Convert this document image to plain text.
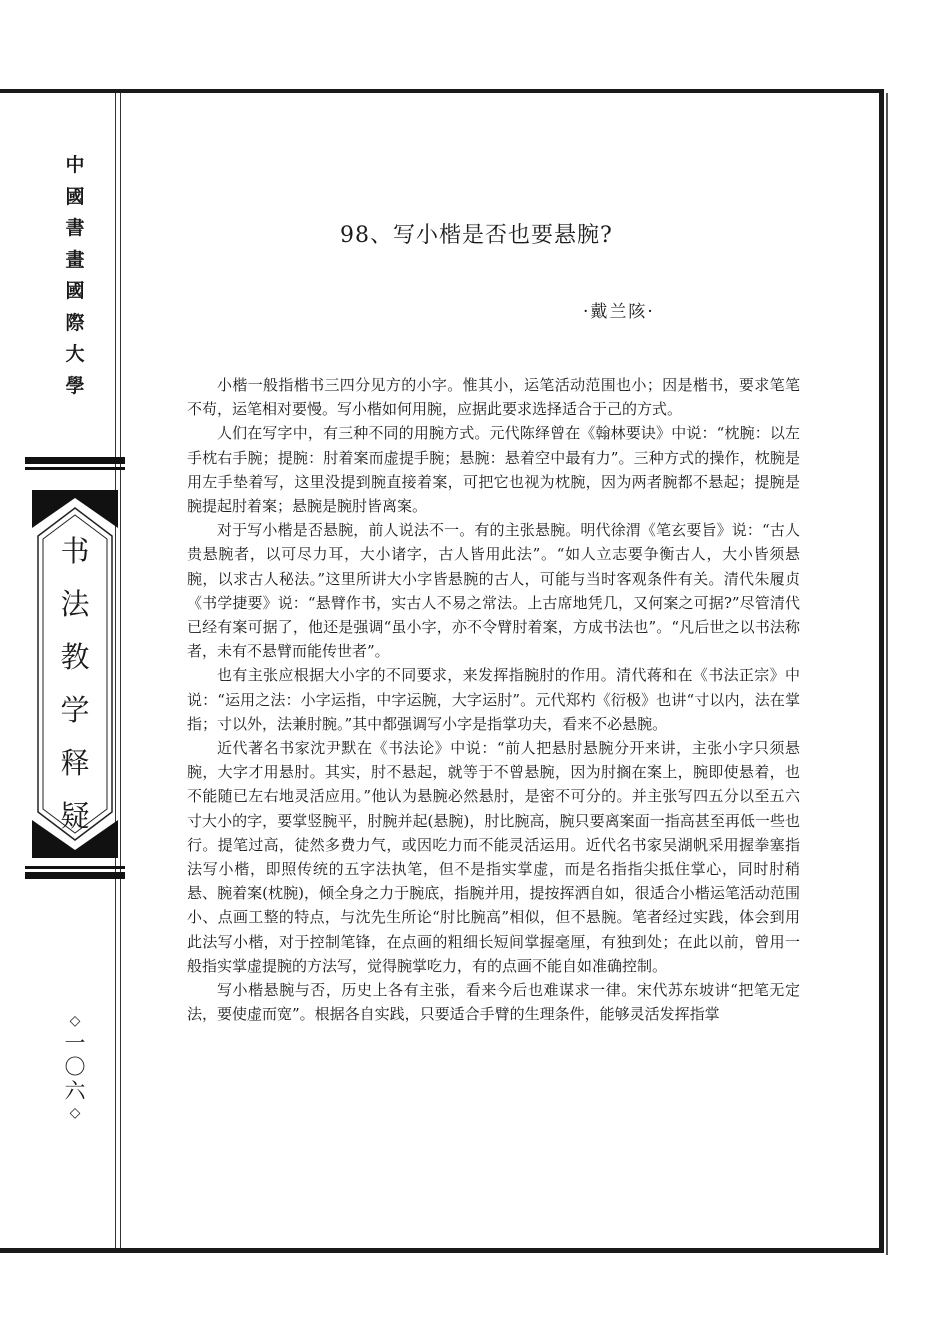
中
國
書
畫
國
際
大
學
书
法
教
学
释
疑
◇
一
〇
六
◇
98、写小楷是否也要悬腕?
·戴兰陔·

小楷一般指楷书三四分见方的小字。惟其小，运笔活动范围也小；因是楷书，要求笔笔不苟，运笔相对要慢。写小楷如何用腕，应据此要求选择适合于己的方式。

人们在写字中，有三种不同的用腕方式。元代陈绎曾在《翰林要诀》中说：“枕腕：以左手枕右手腕；提腕：肘着案而虚提手腕；悬腕：悬着空中最有力”。三种方式的操作，枕腕是用左手垫着写，这里没提到腕直接着案，可把它也视为枕腕，因为两者腕都不悬起；提腕是腕提起肘着案；悬腕是腕肘皆离案。

对于写小楷是否悬腕，前人说法不一。有的主张悬腕。明代徐渭《笔玄要旨》说：“古人贵悬腕者，以可尽力耳，大小诸字，古人皆用此法”。“如人立志要争衡古人，大小皆须悬腕，以求古人秘法。”这里所讲大小字皆悬腕的古人，可能与当时客观条件有关。清代朱履贞《书学捷要》说：“悬臂作书，实古人不易之常法。上古席地凭几，又何案之可据?”尽管清代已经有案可据了，他还是强调“虽小字，亦不令臂肘着案，方成书法也”。“凡后世之以书法称者，未有不悬臂而能传世者”。

也有主张应根据大小字的不同要求，来发挥指腕肘的作用。清代蒋和在《书法正宗》中说：“运用之法：小字运指，中字运腕，大字运肘”。元代郑杓《衍极》也讲“寸以内，法在掌指；寸以外，法兼肘腕。”其中都强调写小字是指掌功夫，看来不必悬腕。

近代著名书家沈尹默在《书法论》中说：“前人把悬肘悬腕分开来讲，主张小字只须悬腕，大字才用悬肘。其实，肘不悬起，就等于不曾悬腕，因为肘搁在案上，腕即使悬着，也不能随已左右地灵活应用。”他认为悬腕必然悬肘，是密不可分的。并主张写四五分以至五六寸大小的字，要掌竖腕平，肘腕并起(悬腕)，肘比腕高，腕只要离案面一指高甚至再低一些也行。提笔过高，徒然多费力气，或因吃力而不能灵活运用。近代名书家吴湖帆采用握拳塞指法写小楷，即照传统的五字法执笔，但不是指实掌虚，而是名指指尖抵住掌心，同时肘稍悬、腕着案(枕腕)，倾全身之力于腕底，指腕并用，提按挥洒自如，很适合小楷运笔活动范围小、点画工整的特点，与沈先生所论“肘比腕高”相似，但不悬腕。笔者经过实践，体会到用此法写小楷，对于控制笔锋，在点画的粗细长短间掌握毫厘，有独到处；在此以前，曾用一般指实掌虚提腕的方法写，觉得腕掌吃力，有的点画不能自如准确控制。

写小楷悬腕与否，历史上各有主张，看来今后也难谋求一律。宋代苏东坡讲“把笔无定法，要使虚而宽”。根据各自实践，只要适合手臂的生理条件，能够灵活发挥指掌
